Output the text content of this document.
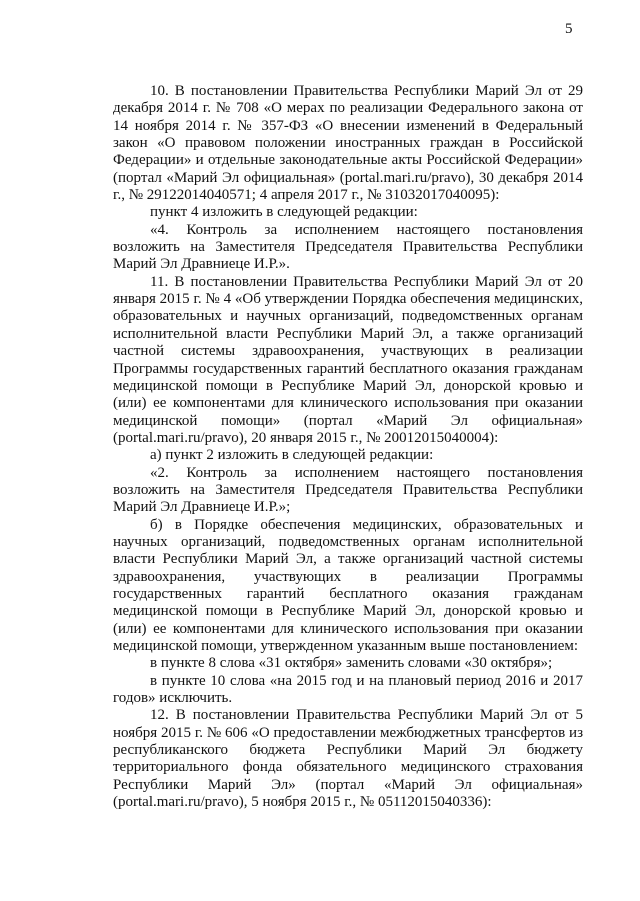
5

10. В постановлении Правительства Республики Марий Эл от 29 декабря 2014 г. № 708 «О мерах по реализации Федерального закона от 14 ноября 2014 г. № 357-ФЗ «О внесении изменений в Федеральный закон «О правовом положении иностранных граждан в Российской Федерации» и отдельные законодательные акты Российской Федерации» (портал «Марий Эл официальная» (portal.mari.ru/pravo), 30 декабря 2014 г., № 29122014040571; 4 апреля 2017 г., № 31032017040095):

пункт 4 изложить в следующей редакции:

«4. Контроль за исполнением настоящего постановления возложить на Заместителя Председателя Правительства Республики Марий Эл Дравниеце И.Р.».

11. В постановлении Правительства Республики Марий Эл от 20 января 2015 г. № 4 «Об утверждении Порядка обеспечения медицинских, образовательных и научных организаций, подведомственных органам исполнительной власти Республики Марий Эл, а также организаций частной системы здравоохранения, участвующих в реализации Программы государственных гарантий бесплатного оказания гражданам медицинской помощи в Республике Марий Эл, донорской кровью и (или) ее компонентами для клинического использования при оказании медицинской помощи» (портал «Марий Эл официальная» (portal.mari.ru/pravo), 20 января 2015 г., № 20012015040004):

а) пункт 2 изложить в следующей редакции:

«2. Контроль за исполнением настоящего постановления возложить на Заместителя Председателя Правительства Республики Марий Эл Дравниеце И.Р.»;

б) в Порядке обеспечения медицинских, образовательных и научных организаций, подведомственных органам исполнительной власти Республики Марий Эл, а также организаций частной системы здравоохранения, участвующих в реализации Программы государственных гарантий бесплатного оказания гражданам медицинской помощи в Республике Марий Эл, донорской кровью и (или) ее компонентами для клинического использования при оказании медицинской помощи, утвержденном указанным выше постановлением:

в пункте 8 слова «31 октября» заменить словами «30 октября»;

в пункте 10 слова «на 2015 год и на плановый период 2016 и 2017 годов» исключить.

12. В постановлении Правительства Республики Марий Эл от 5 ноября 2015 г. № 606 «О предоставлении межбюджетных трансфертов из республиканского бюджета Республики Марий Эл бюджету территориального фонда обязательного медицинского страхования Республики Марий Эл» (портал «Марий Эл официальная» (portal.mari.ru/pravo), 5 ноября 2015 г., № 05112015040336):
